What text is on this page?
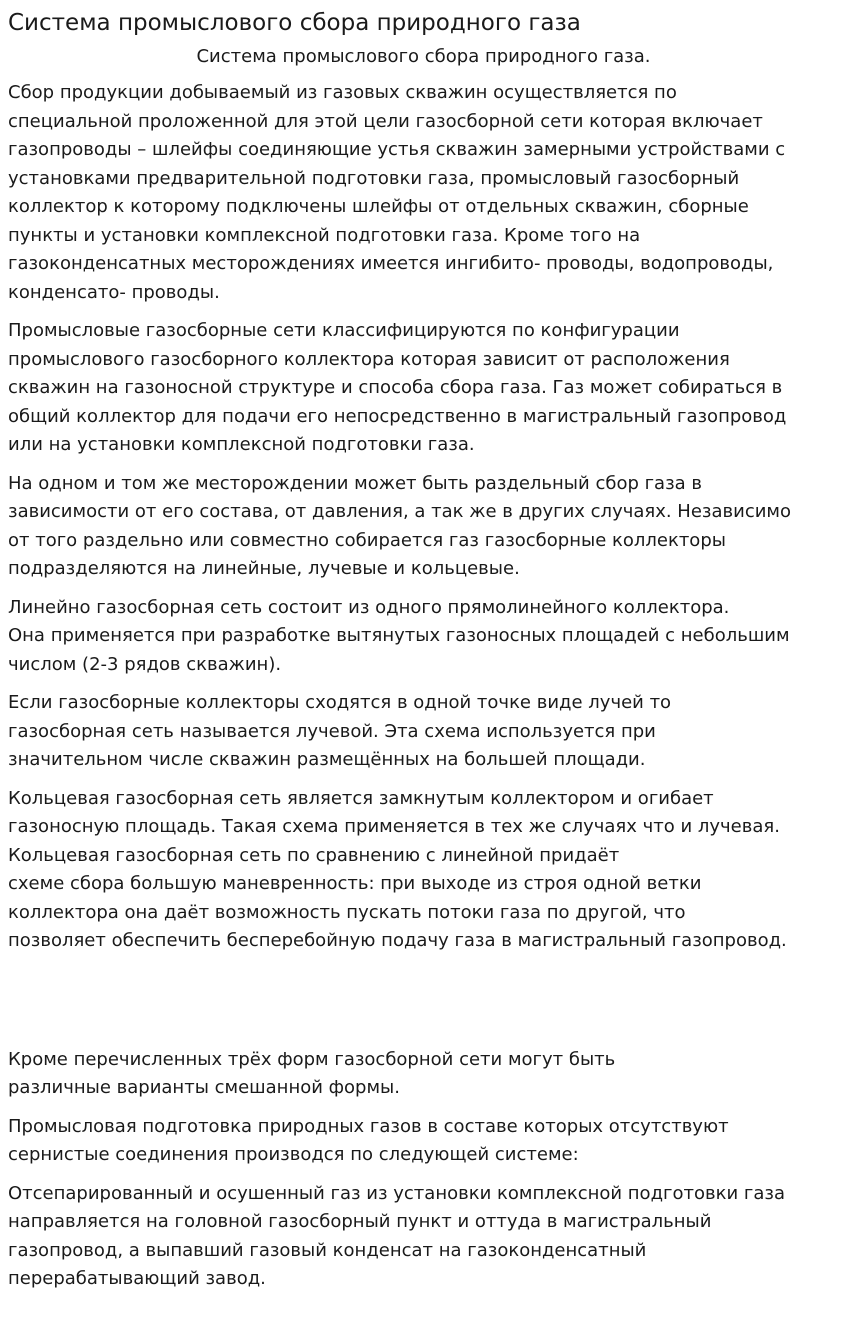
Система промыслового сбора природного газа
Система промыслового сбора природного газа.

Сбор продукции добываемый из газовых скважин осуществляется по
специальной проложенной для этой цели газосборной сети которая включает
газопроводы – шлейфы соединяющие устья скважин замерными устройствами с
установками предварительной подготовки газа, промысловый газосборный
коллектор к которому подключены шлейфы от отдельных скважин, сборные
пункты и установки комплексной подготовки газа. Кроме того на
газоконденсатных месторождениях имеется ингибито- проводы, водопроводы,
конденсато- проводы.

Промысловые газосборные сети классифицируются по конфигурации
промыслового газосборного коллектора которая зависит от расположения
скважин на газоносной структуре и способа сбора газа. Газ может собираться в
общий коллектор для подачи его непосредственно в магистральный газопровод
или на установки комплексной подготовки газа.

На одном и том же месторождении может быть раздельный сбор газа в
зависимости от его состава, от давления, а так же в других случаях. Независимо
от того раздельно или совместно собирается газ газосборные коллекторы
подразделяются на линейные, лучевые и кольцевые.

Линейно газосборная сеть состоит из одного прямолинейного коллектора.
Она применяется при разработке вытянутых газоносных площадей с небольшим
числом (2-3 рядов скважин).

Если газосборные коллекторы сходятся в одной точке виде лучей то
газосборная сеть называется лучевой. Эта схема используется при
значительном числе скважин размещённых на большей площади.

Кольцевая газосборная сеть является замкнутым коллектором и огибает
газоносную площадь. Такая схема применяется в тех же случаях что и лучевая.
Кольцевая газосборная сеть по сравнению с линейной придаёт
схеме сбора большую маневренность: при выходе из строя одной ветки
коллектора она даёт возможность пускать потоки газа по другой, что
позволяет обеспечить бесперебойную подачу газа в магистральный газопровод.

Кроме перечисленных трёх форм газосборной сети могут быть
различные варианты смешанной формы.

Промысловая подготовка природных газов в составе которых отсутствуют
сернистые соединения производся по следующей системе:

Отсепарированный и осушенный газ из установки комплексной подготовки газа
направляется на головной газосборный пункт и оттуда в магистральный
газопровод, а выпавший газовый конденсат на газоконденсатный
перерабатывающий завод.
